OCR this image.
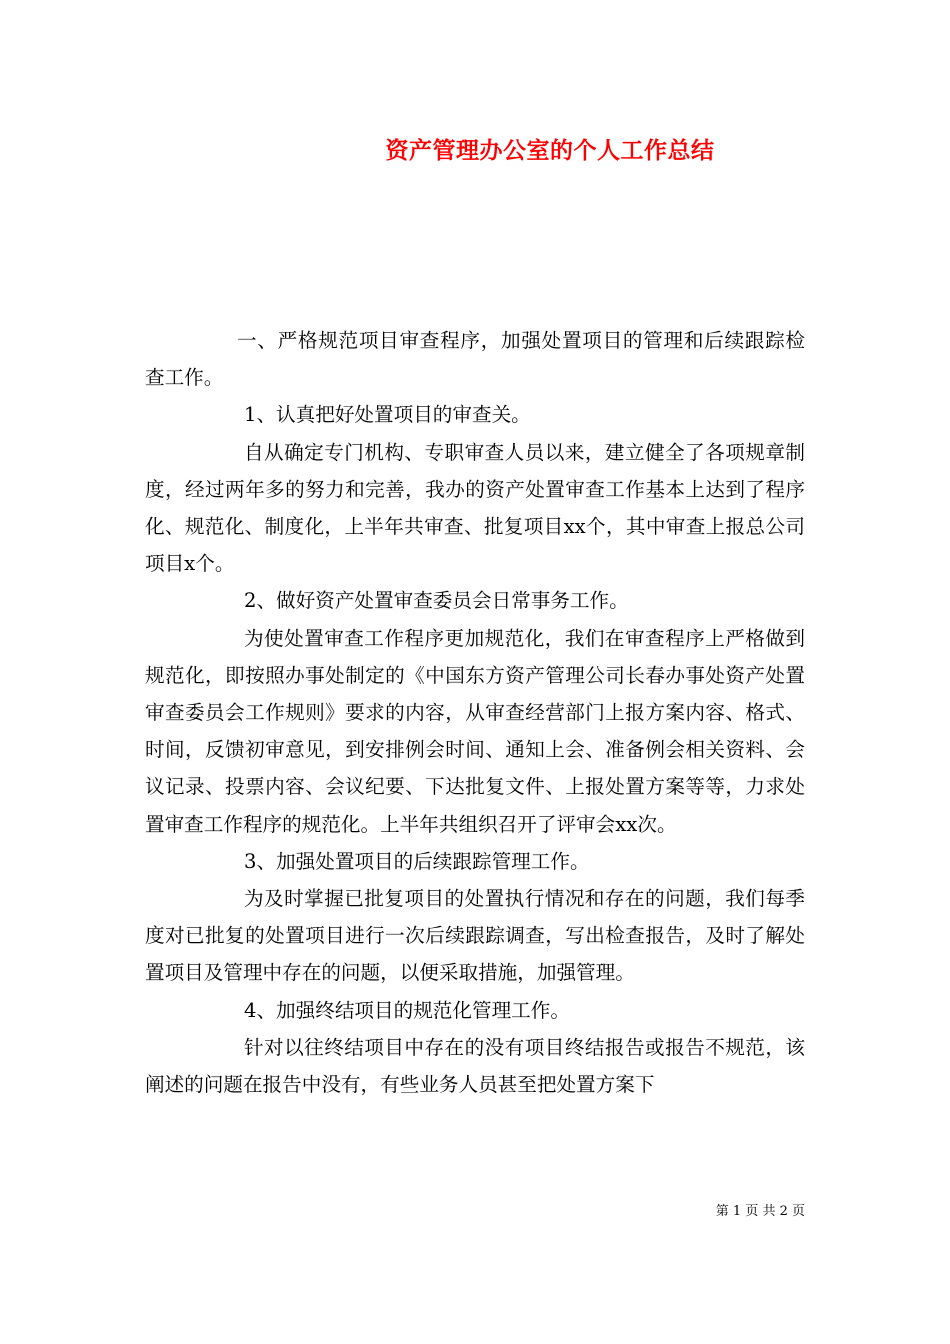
资产管理办公室的个人工作总结

一、严格规范项目审查程序，加强处置项目的管理和后续跟踪检查工作。

1、认真把好处置项目的审查关。

自从确定专门机构、专职审查人员以来，建立健全了各项规章制度，经过两年多的努力和完善，我办的资产处置审查工作基本上达到了程序化、规范化、制度化，上半年共审查、批复项目xx个，其中审查上报总公司项目x个。

2、做好资产处置审查委员会日常事务工作。

为使处置审查工作程序更加规范化，我们在审查程序上严格做到规范化，即按照办事处制定的《中国东方资产管理公司长春办事处资产处置审查委员会工作规则》要求的内容，从审查经营部门上报方案内容、格式、时间，反馈初审意见，到安排例会时间、通知上会、准备例会相关资料、会议记录、投票内容、会议纪要、下达批复文件、上报处置方案等等，力求处置审查工作程序的规范化。上半年共组织召开了评审会xx次。

3、加强处置项目的后续跟踪管理工作。

为及时掌握已批复项目的处置执行情况和存在的问题，我们每季度对已批复的处置项目进行一次后续跟踪调查，写出检查报告，及时了解处置项目及管理中存在的问题，以便采取措施，加强管理。

4、加强终结项目的规范化管理工作。

针对以往终结项目中存在的没有项目终结报告或报告不规范，该阐述的问题在报告中没有，有些业务人员甚至把处置方案下

第 1 页 共 2 页
